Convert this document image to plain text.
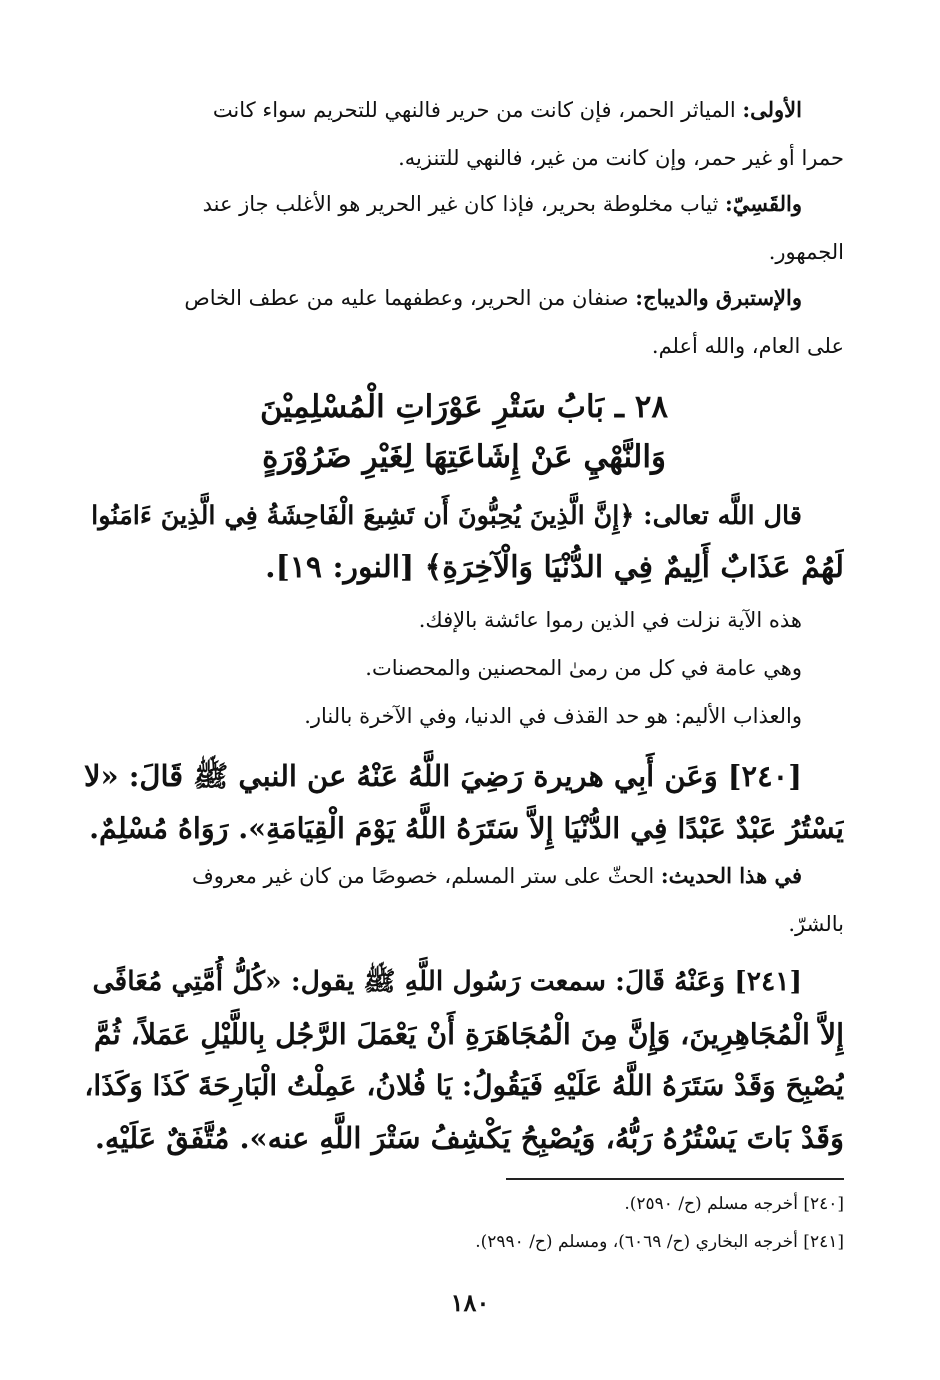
الأولى: المياثر الحمر، فإن كانت من حرير فالنهي للتحريم سواء كانت
حمرا أو غير حمر، وإن كانت من غير، فالنهي للتنزيه.
والقَسِيّ: ثياب مخلوطة بحرير، فإذا كان غير الحرير هو الأغلب جاز عند
الجمهور.
والإستبرق والديباج: صنفان من الحرير، وعطفهما عليه من عطف الخاص
على العام، والله أعلم.
٢٨ ـ بَابُ سَتْرِ عَوْرَاتِ الْمُسْلِمِيْنَ
وَالنَّهْيِ عَنْ إِشَاعَتِهَا لِغَيْرِ ضَرُوْرَةٍ
قال اللَّه تعالى: ﴿إِنَّ الَّذِينَ يُحِبُّونَ أَن تَشِيعَ الْفَاحِشَةُ فِي الَّذِينَ ءَامَنُوا
لَهُمْ عَذَابٌ أَلِيمٌ فِي الدُّنْيَا وَالْآخِرَةِ﴾ [النور: ١٩].
هذه الآية نزلت في الذين رموا عائشة بالإفك.
وهي عامة في كل من رمىٰ المحصنين والمحصنات.
والعذاب الأليم: هو حد القذف في الدنيا، وفي الآخرة بالنار.
[٢٤٠] وَعَن أَبِي هريرة رَضِيَ اللَّهُ عَنْهُ عن النبي ﷺ قَالَ: «لا
يَسْتُرُ عَبْدٌ عَبْدًا فِي الدُّنْيَا إِلاَّ سَتَرَهُ اللَّهُ يَوْمَ الْقِيَامَةِ». رَوَاهُ مُسْلِمٌ.
في هذا الحديث: الحثّ على ستر المسلم، خصوصًا من كان غير معروف
بالشرّ.
[٢٤١] وَعَنْهُ قَالَ: سمعت رَسُول اللَّهِ ﷺ يقول: «كُلُّ أُمَّتِي مُعَافًى
إِلاَّ الْمُجَاهِرِينَ، وَإِنَّ مِنَ الْمُجَاهَرَةِ أَنْ يَعْمَلَ الرَّجُل بِاللَّيْلِ عَمَلاً، ثُمَّ
يُصْبِحَ وَقَدْ سَتَرَهُ اللَّهُ عَلَيْهِ فَيَقُولُ: يَا فُلانُ، عَمِلْتُ الْبَارِحَةَ كَذَا وَكَذَا،
وَقَدْ بَاتَ يَسْتُرُهُ رَبُّهُ، وَيُصْبِحُ يَكْشِفُ سَتْرَ اللَّهِ عنه». مُتَّفَقٌ عَلَيْهِ.
[٢٤٠] أخرجه مسلم (ح/ ٢٥٩٠).
[٢٤١] أخرجه البخاري (ح/ ٦٠٦٩)، ومسلم (ح/ ٢٩٩٠).
١٨٠
